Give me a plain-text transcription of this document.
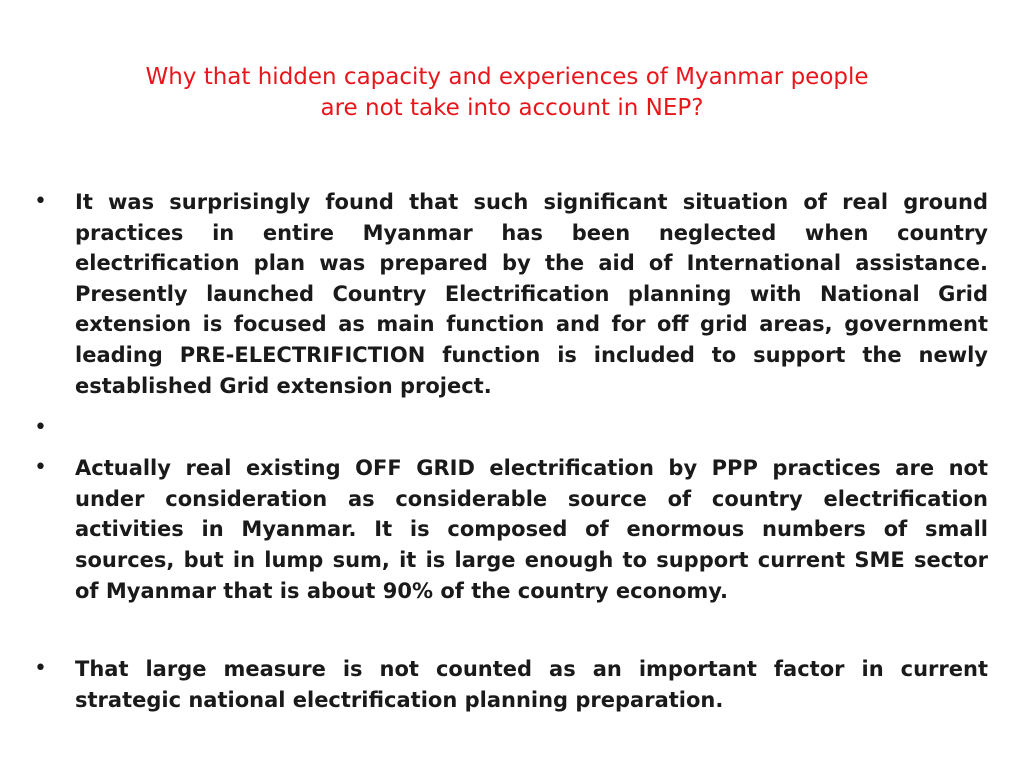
Why that hidden capacity and experiences of Myanmar people
are not take into account in NEP?
• It was surprisingly found that such significant situation of real ground practices in entire Myanmar has been neglected when country electrification plan was prepared by the aid of International assistance. Presently launched Country Electrification planning with National Grid extension is focused as main function and for off grid areas, government leading PRE-ELECTRIFICTION function is included to support the newly established Grid extension project.
•
• Actually real existing OFF GRID electrification by PPP practices are not under consideration as considerable source of country electrification activities in Myanmar. It is composed of enormous numbers of small sources, but in lump sum, it is large enough to support current SME sector of Myanmar that is about 90% of the country economy.
• That large measure is not counted as an important factor in current strategic national electrification planning preparation.
